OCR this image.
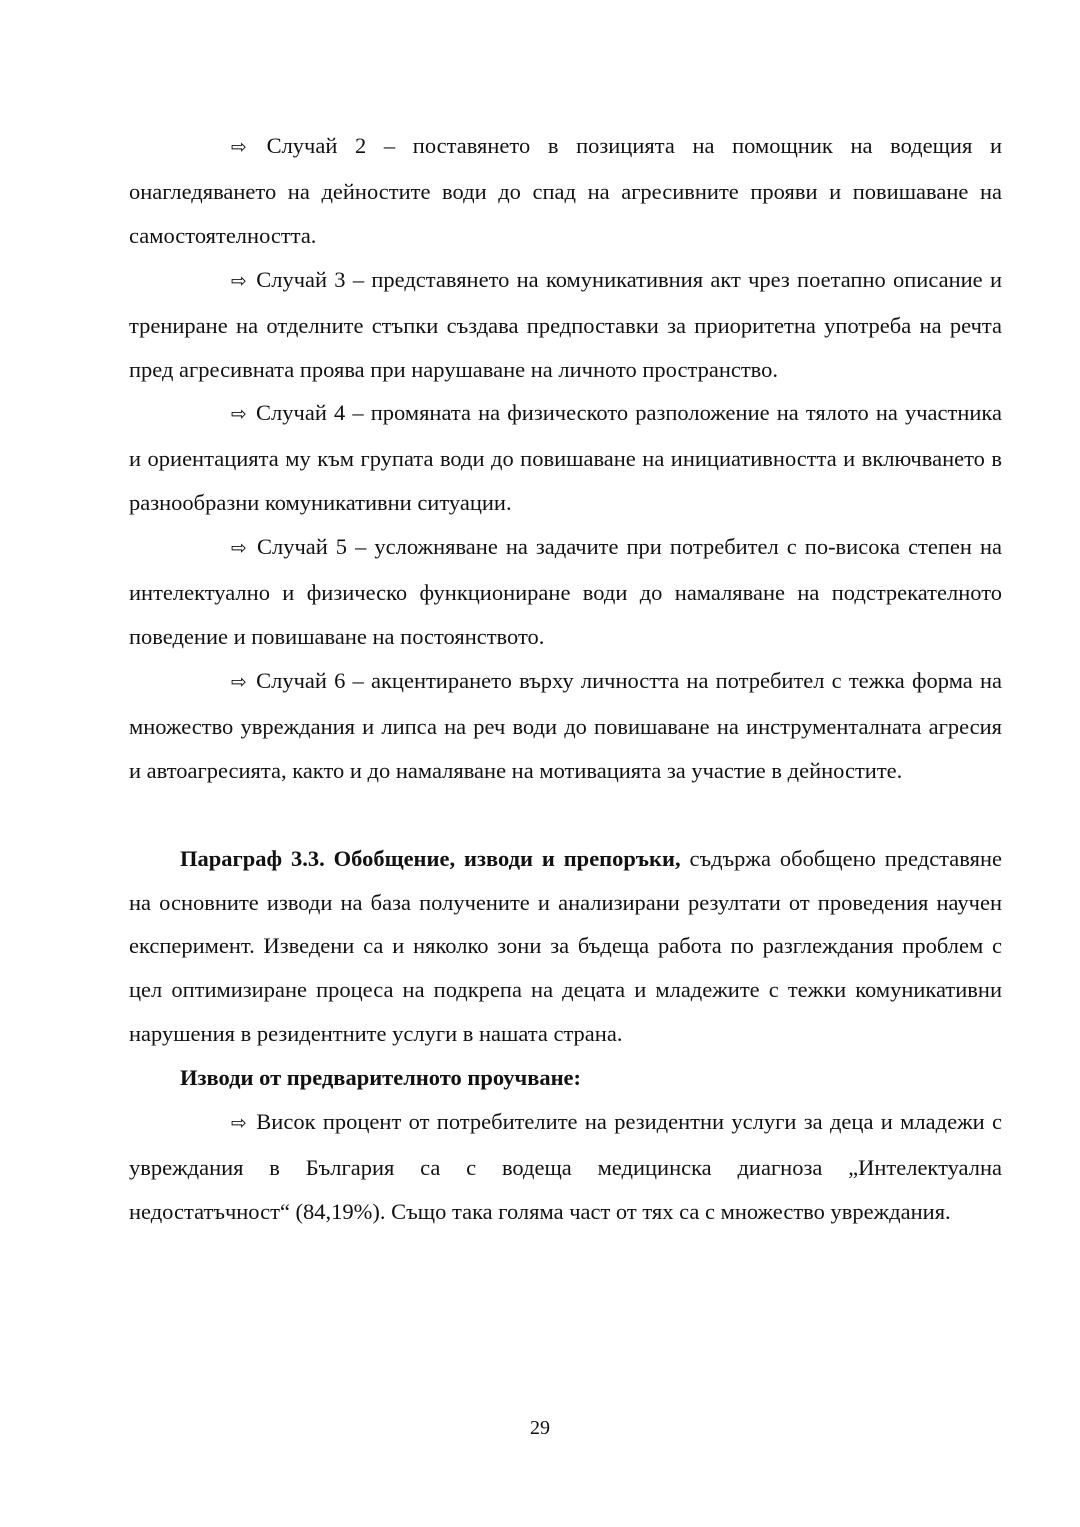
⇨ Случай 2 – поставянето в позицията на помощник на водещия и онагледяването на дейностите води до спад на агресивните прояви и повишаване на самостоятелността.

⇨ Случай 3 – представянето на комуникативния акт чрез поетапно описание и трениране на отделните стъпки създава предпоставки за приоритетна употреба на речта пред агресивната проява при нарушаване на личното пространство.

⇨ Случай 4 – промяната на физическото разположение на тялото на участника и ориентацията му към групата води до повишаване на инициативността и включването в разнообразни комуникативни ситуации.

⇨ Случай 5 – усложняване на задачите при потребител с по-висока степен на интелектуално и физическо функциониране води до намаляване на подстрекателното поведение и повишаване на постоянството.

⇨ Случай 6 – акцентирането върху личността на потребител с тежка форма на множество увреждания и липса на реч води до повишаване на инструменталната агресия и автоагресията, както и до намаляване на мотивацията за участие в дейностите.

Параграф 3.3. Обобщение, изводи и препоръки, съдържа обобщено представяне на основните изводи на база получените и анализирани резултати от проведения научен експеримент. Изведени са и няколко зони за бъдеща работа по разглеждания проблем с цел оптимизиране процеса на подкрепа на децата и младежите с тежки комуникативни нарушения в резидентните услуги в нашата страна.

Изводи от предварителното проучване:

⇨ Висок процент от потребителите на резидентни услуги за деца и младежи с увреждания в България са с водеща медицинска диагноза „Интелектуална недостатъчност“ (84,19%). Също така голяма част от тях са с множество увреждания.

29
